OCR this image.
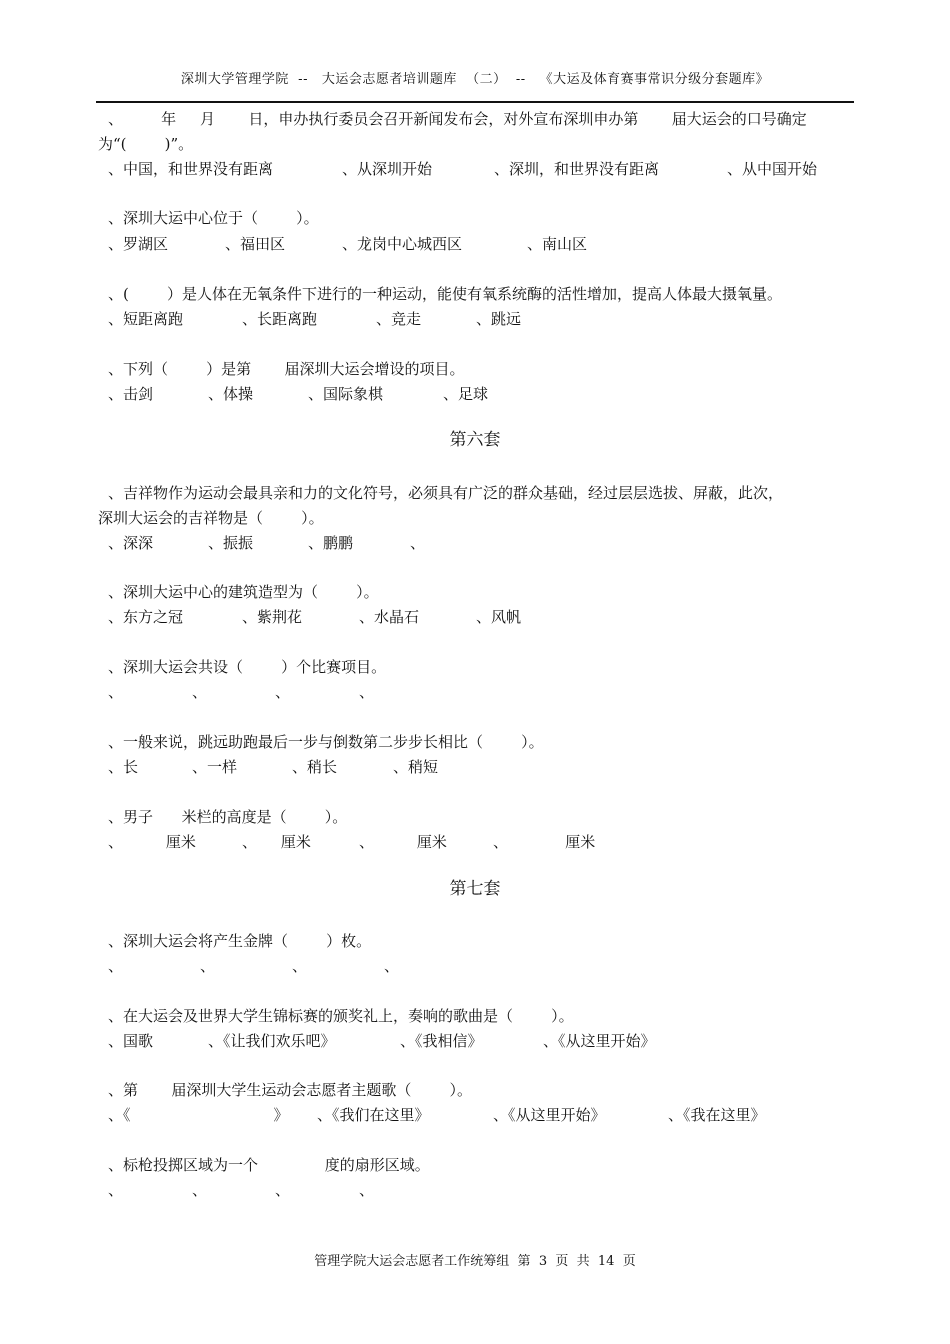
深圳大学管理学院  --   大运会志愿者培训题库  （二）  --   《大运及体育赛事常识分级分套题库》
、        年     月       日，申办执行委员会召开新闻发布会，对外宣布深圳申办第       届大运会的口号确定
为“(        )”。
、中国，和世界没有距离	、从深圳开始	、深圳，和世界没有距离	、从中国开始
、深圳大运中心位于（        ）。
、罗湖区	、福田区	、龙岗中心城西区	、南山区
、(        ）是人体在无氧条件下进行的一种运动，能使有氧系统酶的活性增加，提高人体最大摄氧量。
、短距离跑	、长距离跑	、竞走	、跳远
、下列（        ）是第       届深圳大运会增设的项目。
、击剑	、体操	、国际象棋	、足球
第六套
、吉祥物作为运动会最具亲和力的文化符号，必须具有广泛的群众基础，经过层层选拔、屏蔽，此次，
深圳大运会的吉祥物是（        ）。
、深深	、振振	、鹏鹏	、
、深圳大运中心的建筑造型为（        ）。
、东方之冠	、紫荆花	、水晶石	、风帆
、深圳大运会共设（        ）个比赛项目。
、	、	、	、
、一般来说，跳远助跑最后一步与倒数第二步步长相比（        ）。
、长	、一样	、稍长	、稍短
、男子      米栏的高度是（        ）。
、         厘米	、     厘米	、         厘米	、            厘米
第七套
、深圳大运会将产生金牌（        ）枚。
、	、	、	、
、在大运会及世界大学生锦标赛的颁奖礼上，奏响的歌曲是（        ）。
、国歌	、《让我们欢乐吧》	、《我相信》	、《从这里开始》
、第       届深圳大学生运动会志愿者主题歌（        ）。
、《                              》 、《我们在这里》	、《从这里开始》	、《我在这里》
、标枪投掷区域为一个              度的扇形区域。
、	、	、	、
管理学院大运会志愿者工作统筹组  第  3  页  共  14  页
